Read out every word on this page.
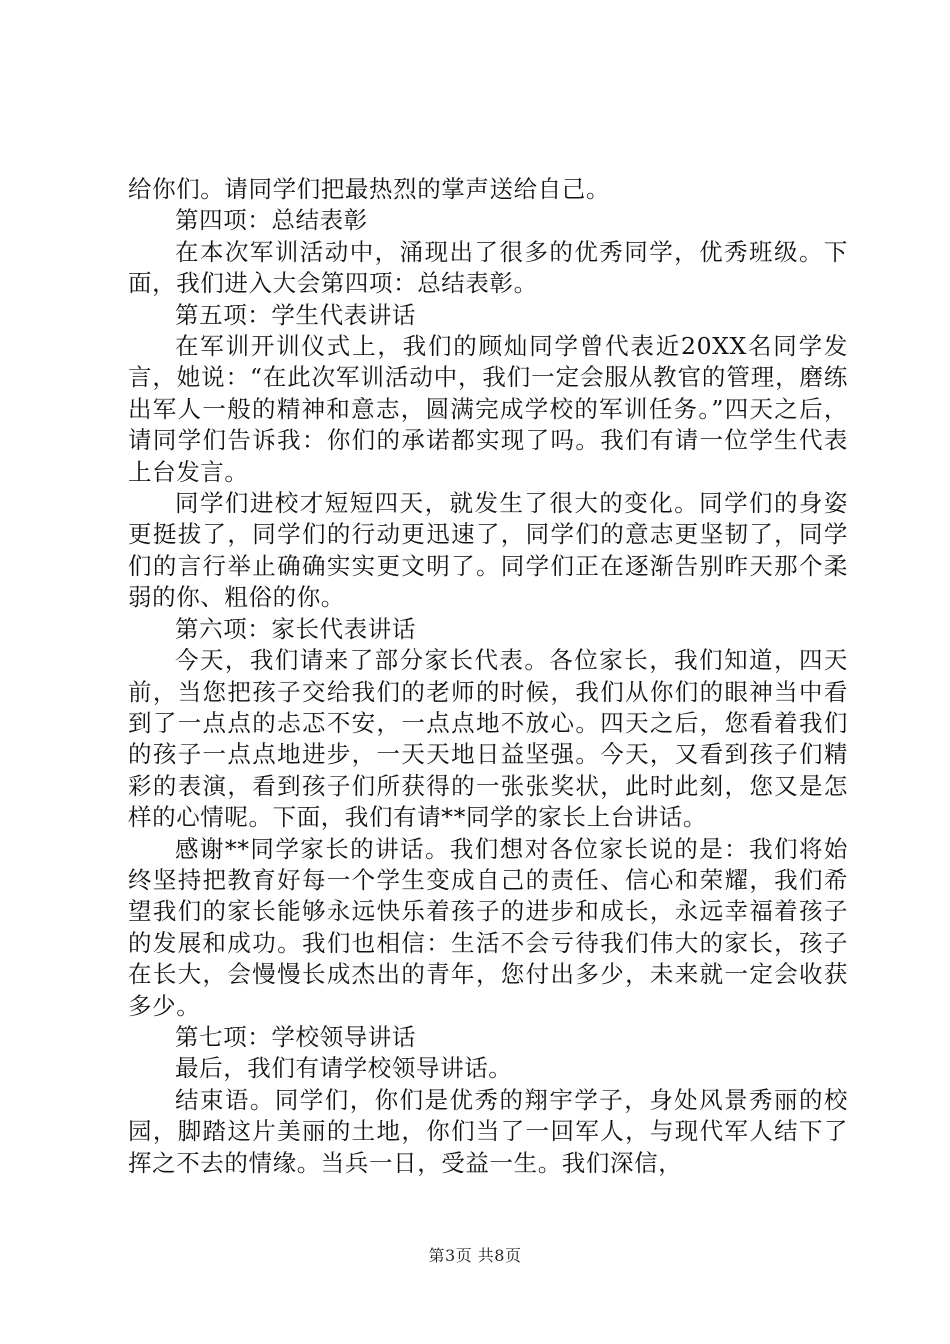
给你们。请同学们把最热烈的掌声送给自己。

第四项：总结表彰

在本次军训活动中，涌现出了很多的优秀同学，优秀班级。下面，我们进入大会第四项：总结表彰。

第五项：学生代表讲话

在军训开训仪式上，我们的顾灿同学曾代表近20XX名同学发言，她说：“在此次军训活动中，我们一定会服从教官的管理，磨练出军人一般的精神和意志，圆满完成学校的军训任务。”四天之后，请同学们告诉我：你们的承诺都实现了吗。我们有请一位学生代表上台发言。

同学们进校才短短四天，就发生了很大的变化。同学们的身姿更挺拔了，同学们的行动更迅速了，同学们的意志更坚韧了，同学们的言行举止确确实实更文明了。同学们正在逐渐告别昨天那个柔弱的你、粗俗的你。

第六项：家长代表讲话

今天，我们请来了部分家长代表。各位家长，我们知道，四天前，当您把孩子交给我们的老师的时候，我们从你们的眼神当中看到了一点点的忐忑不安，一点点地不放心。四天之后，您看着我们的孩子一点点地进步，一天天地日益坚强。今天，又看到孩子们精彩的表演，看到孩子们所获得的一张张奖状，此时此刻，您又是怎样的心情呢。下面，我们有请**同学的家长上台讲话。

感谢**同学家长的讲话。我们想对各位家长说的是：我们将始终坚持把教育好每一个学生变成自己的责任、信心和荣耀，我们希望我们的家长能够永远快乐着孩子的进步和成长，永远幸福着孩子的发展和成功。我们也相信：生活不会亏待我们伟大的家长，孩子在长大，会慢慢长成杰出的青年，您付出多少，未来就一定会收获多少。

第七项：学校领导讲话

最后，我们有请学校领导讲话。

结束语。同学们，你们是优秀的翔宇学子，身处风景秀丽的校园，脚踏这片美丽的土地，你们当了一回军人，与现代军人结下了挥之不去的情缘。当兵一日，受益一生。我们深信，

第3页 共8页
